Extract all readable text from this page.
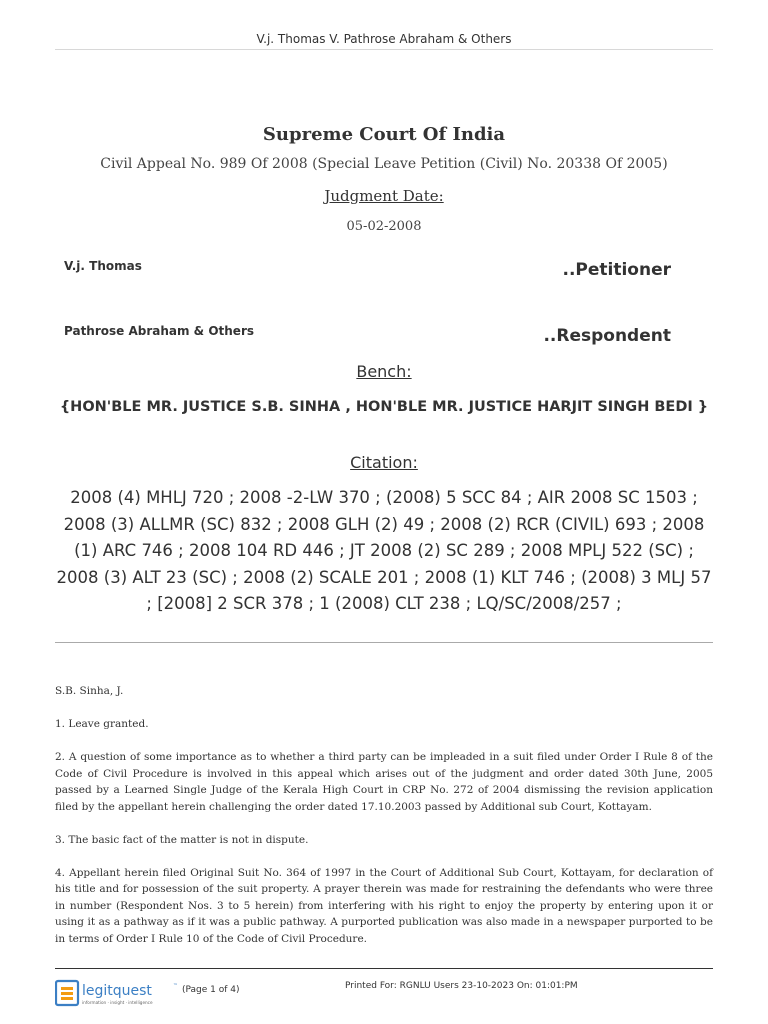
V.j. Thomas V. Pathrose Abraham & Others
Supreme Court Of India
Civil Appeal No. 989 Of 2008 (Special Leave Petition (Civil) No. 20338 Of 2005)
Judgment Date:
05-02-2008
V.j. Thomas	..Petitioner
Pathrose Abraham & Others	..Respondent
Bench:
{HON'BLE MR. JUSTICE S.B. SINHA , HON'BLE MR. JUSTICE HARJIT SINGH BEDI }
Citation:
2008 (4) MHLJ 720 ; 2008 -2-LW 370 ; (2008) 5 SCC 84 ; AIR 2008 SC 1503 ; 2008 (3) ALLMR (SC) 832 ; 2008 GLH (2) 49 ; 2008 (2) RCR (CIVIL) 693 ; 2008 (1) ARC 746 ; 2008 104 RD 446 ; JT 2008 (2) SC 289 ; 2008 MPLJ 522 (SC) ; 2008 (3) ALT 23 (SC) ; 2008 (2) SCALE 201 ; 2008 (1) KLT 746 ; (2008) 3 MLJ 57 ; [2008] 2 SCR 378 ; 1 (2008) CLT 238 ; LQ/SC/2008/257 ;

S.B. Sinha, J.

1. Leave granted.

2. A question of some importance as to whether a third party can be impleaded in a suit filed under Order I Rule 8 of the Code of Civil Procedure is involved in this appeal which arises out of the judgment and order dated 30th June, 2005 passed by a Learned Single Judge of the Kerala High Court in CRP No. 272 of 2004 dismissing the revision application filed by the appellant herein challenging the order dated 17.10.2003 passed by Additional sub Court, Kottayam.

3. The basic fact of the matter is not in dispute.

4. Appellant herein filed Original Suit No. 364 of 1997 in the Court of Additional Sub Court, Kottayam, for declaration of his title and for possession of the suit property. A prayer therein was made for restraining the defendants who were three in number (Respondent Nos. 3 to 5 herein) from interfering with his right to enjoy the property by entering upon it or using it as a pathway as if it was a public pathway. A purported publication was also made in a newspaper purported to be in terms of Order I Rule 10 of the Code of Civil Procedure.

legitquest	™
information · insight · intelligence
(Page 1 of 4)	Printed For: RGNLU Users 23-10-2023 On: 01:01:PM
